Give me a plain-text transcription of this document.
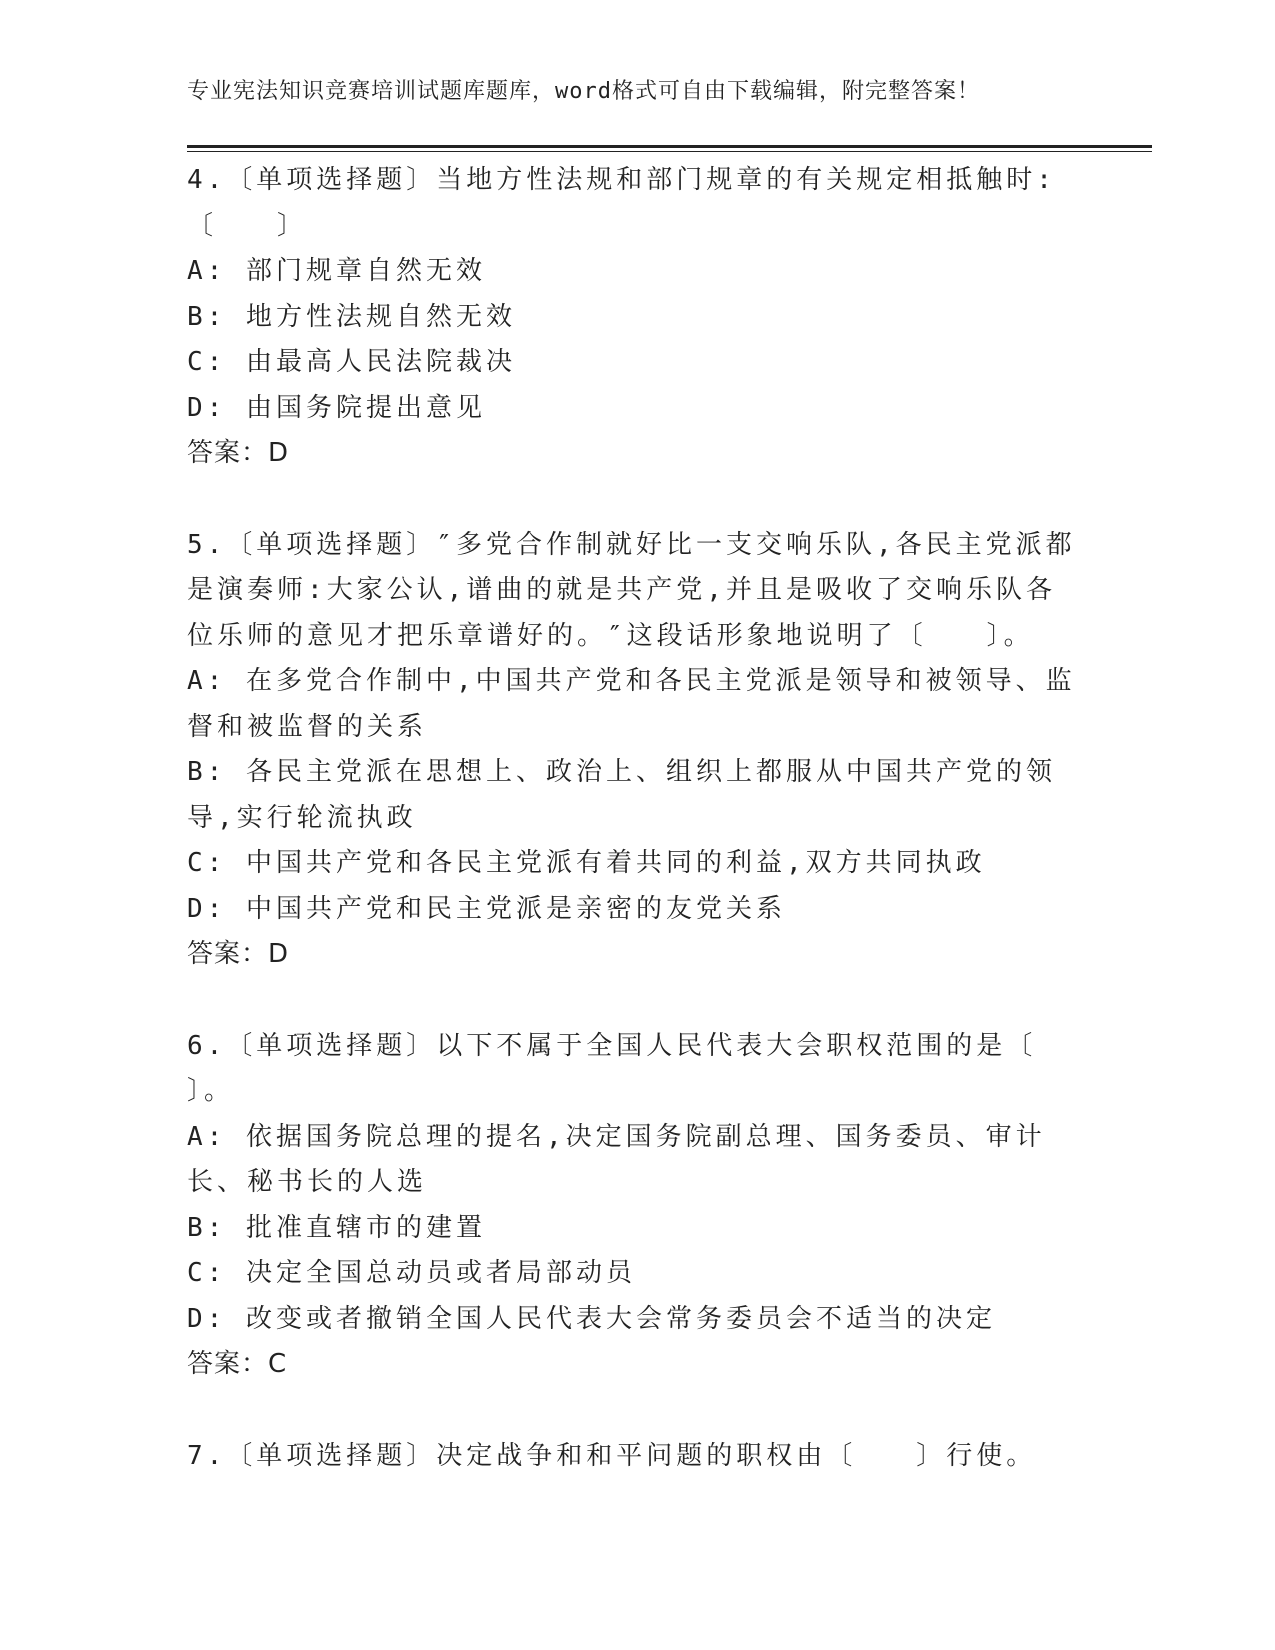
专业宪法知识竞赛培训试题库题库，word格式可自由下载编辑，附完整答案！

4.〔单项选择题〕当地方性法规和部门规章的有关规定相抵触时:〔　　〕

A: 部门规章自然无效

B: 地方性法规自然无效

C: 由最高人民法院裁决

D: 由国务院提出意见

答案：D

5.〔单项选择题〕″多党合作制就好比一支交响乐队,各民主党派都是演奏师:大家公认,谱曲的就是共产党,并且是吸收了交响乐队各位乐师的意见才把乐章谱好的。″这段话形象地说明了〔　　〕。

A: 在多党合作制中,中国共产党和各民主党派是领导和被领导、监督和被监督的关系

B: 各民主党派在思想上、政治上、组织上都服从中国共产党的领导,实行轮流执政

C: 中国共产党和各民主党派有着共同的利益,双方共同执政

D: 中国共产党和民主党派是亲密的友党关系

答案：D

6.〔单项选择题〕以下不属于全国人民代表大会职权范围的是〔　　〕。

A: 依据国务院总理的提名,决定国务院副总理、国务委员、审计长、秘书长的人选

B: 批准直辖市的建置

C: 决定全国总动员或者局部动员

D: 改变或者撤销全国人民代表大会常务委员会不适当的决定

答案：C

7.〔单项选择题〕决定战争和和平问题的职权由〔　　〕行使。
